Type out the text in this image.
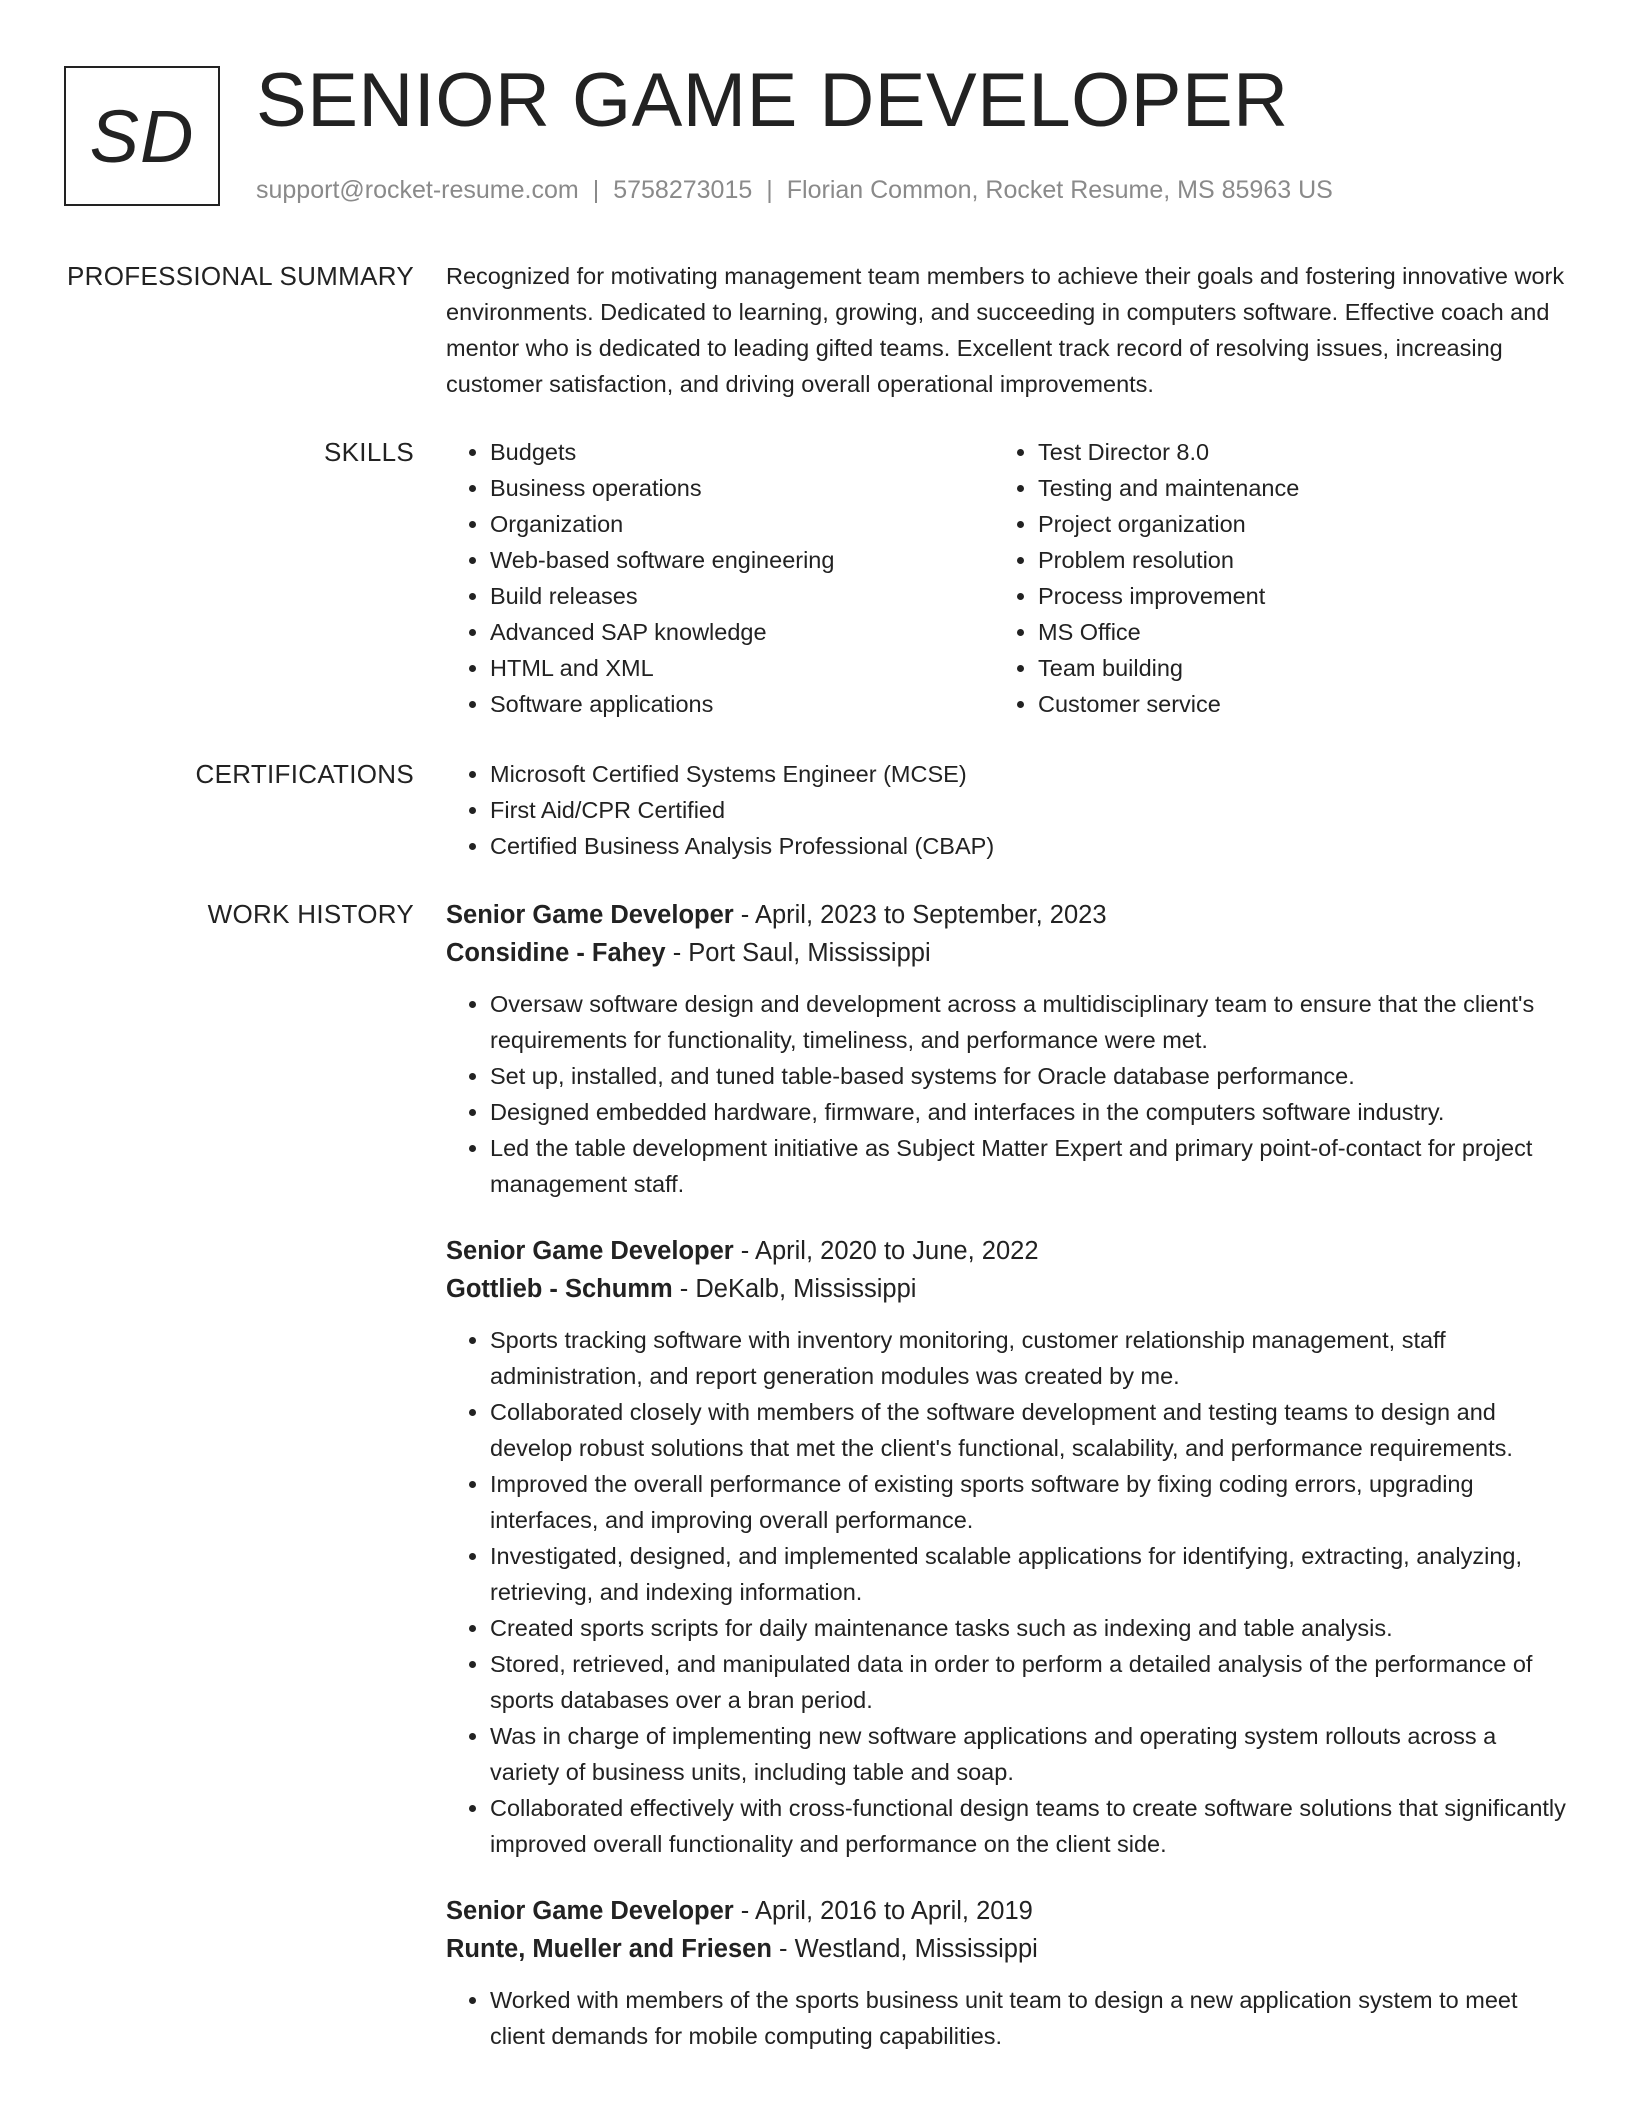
SD SENIOR GAME DEVELOPER
support@rocket-resume.com | 5758273015 | Florian Common, Rocket Resume, MS 85963 US
PROFESSIONAL SUMMARY Recognized for motivating management team members to achieve their goals and fostering innovative work environments. Dedicated to learning, growing, and succeeding in computers software. Effective coach and mentor who is dedicated to leading gifted teams. Excellent track record of resolving issues, increasing customer satisfaction, and driving overall operational improvements.

SKILLS	• Budgets
• Business operations
• Organization
• Web-based software engineering
• Build releases
• Advanced SAP knowledge
• HTML and XML
• Software applications
• Test Director 8.0
• Testing and maintenance
• Project organization
• Problem resolution
• Process improvement
• MS Office
• Team building
• Customer service
CERTIFICATIONS	• Microsoft Certified Systems Engineer (MCSE)
• First Aid/CPR Certified
• Certified Business Analysis Professional (CBAP)
WORK HISTORY Senior Game Developer - April, 2023 to September, 2023
Considine - Fahey - Port Saul, Mississippi
• Oversaw software design and development across a multidisciplinary team to ensure that the client's requirements for functionality, timeliness, and performance were met.
• Set up, installed, and tuned table-based systems for Oracle database performance.
• Designed embedded hardware, firmware, and interfaces in the computers software industry.
• Led the table development initiative as Subject Matter Expert and primary point-of-contact for project management staff.
Senior Game Developer - April, 2020 to June, 2022
Gottlieb - Schumm - DeKalb, Mississippi
• Sports tracking software with inventory monitoring, customer relationship management, staff administration, and report generation modules was created by me.
• Collaborated closely with members of the software development and testing teams to design and develop robust solutions that met the client's functional, scalability, and performance requirements.
• Improved the overall performance of existing sports software by fixing coding errors, upgrading interfaces, and improving overall performance.
• Investigated, designed, and implemented scalable applications for identifying, extracting, analyzing, retrieving, and indexing information.
• Created sports scripts for daily maintenance tasks such as indexing and table analysis.
• Stored, retrieved, and manipulated data in order to perform a detailed analysis of the performance of sports databases over a bran period.
• Was in charge of implementing new software applications and operating system rollouts across a variety of business units, including table and soap.
• Collaborated effectively with cross-functional design teams to create software solutions that significantly improved overall functionality and performance on the client side.
Senior Game Developer - April, 2016 to April, 2019
Runte, Mueller and Friesen - Westland, Mississippi
• Worked with members of the sports business unit team to design a new application system to meet client demands for mobile computing capabilities.
